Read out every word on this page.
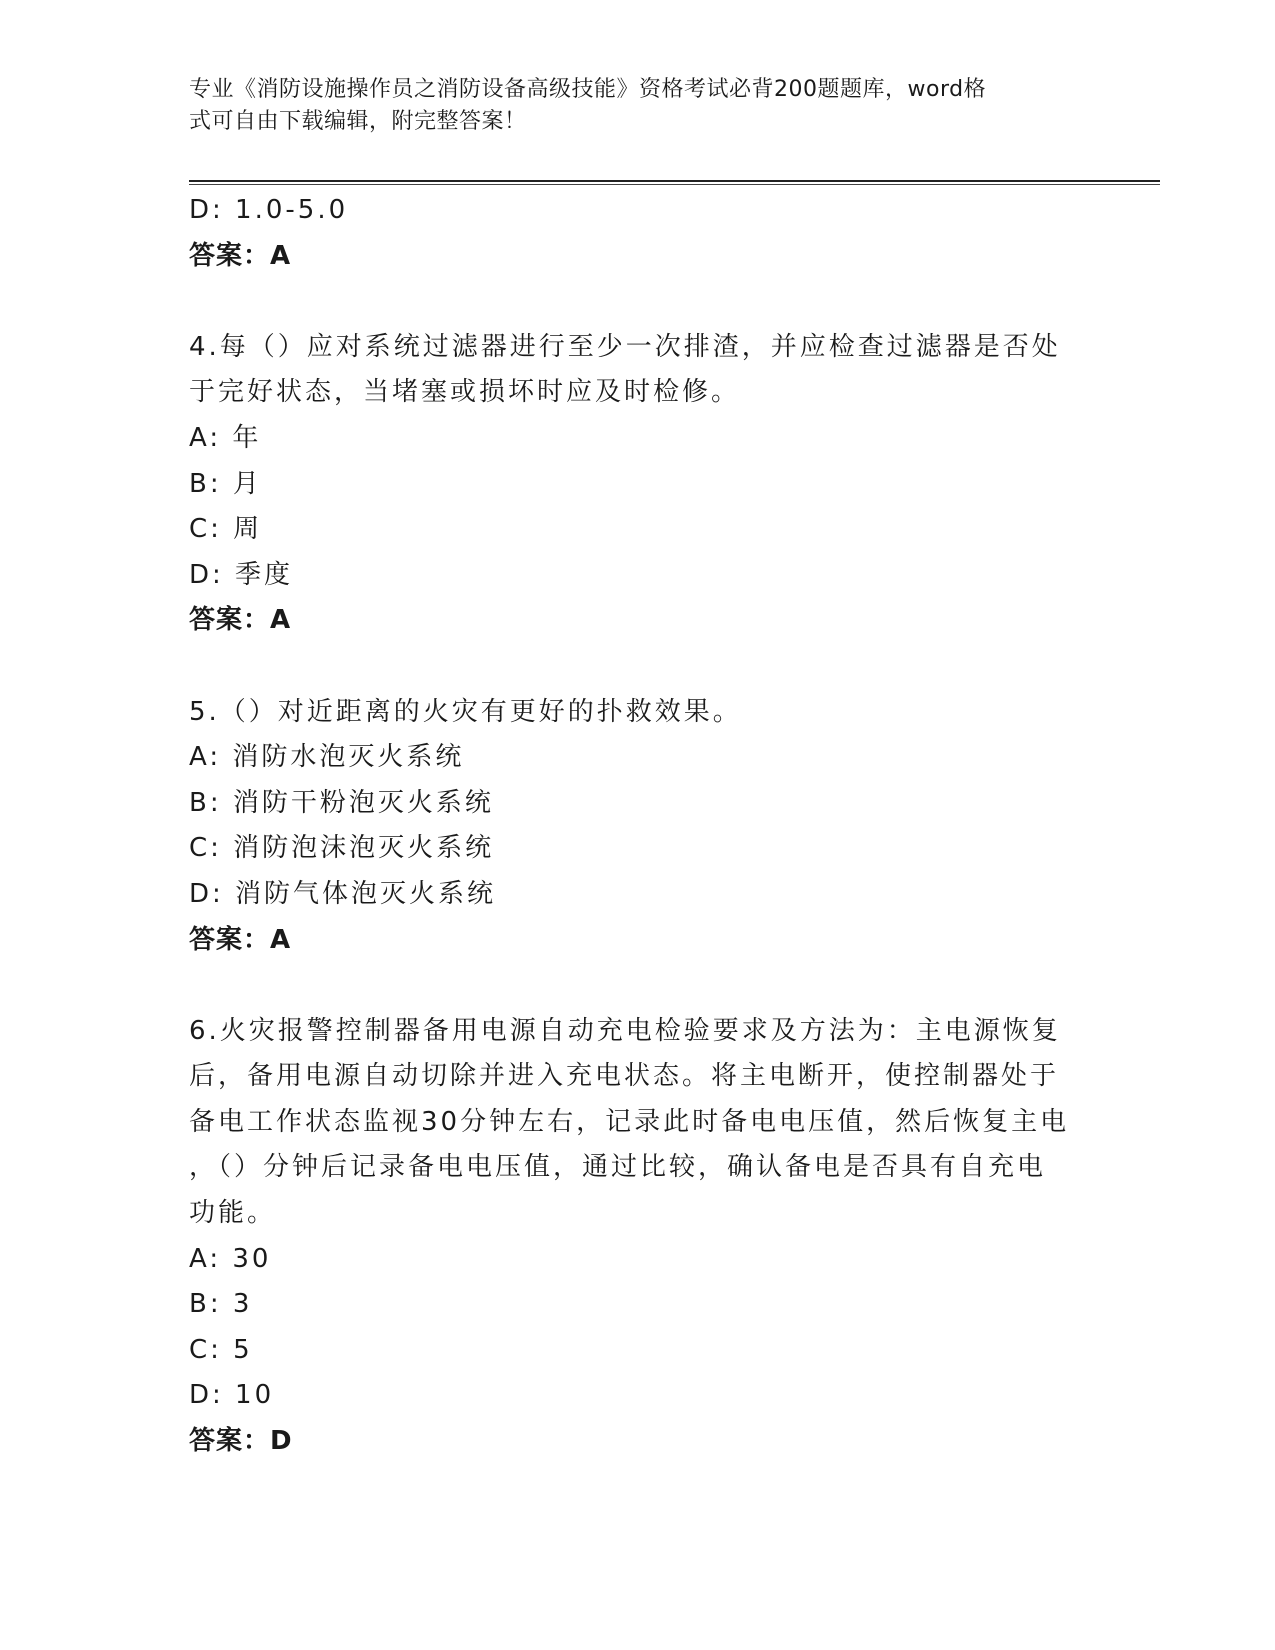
专业《消防设施操作员之消防设备高级技能》资格考试必背200题题库，word格
式可自由下载编辑，附完整答案！
D: 1.0-5.0
答案：A
4.每（）应对系统过滤器进行至少一次排渣，并应检查过滤器是否处
于完好状态，当堵塞或损坏时应及时检修。
A: 年
B: 月
C: 周
D: 季度
答案：A
5.（）对近距离的火灾有更好的扑救效果。
A: 消防水泡灭火系统
B: 消防干粉泡灭火系统
C: 消防泡沫泡灭火系统
D: 消防气体泡灭火系统
答案：A
6.火灾报警控制器备用电源自动充电检验要求及方法为：主电源恢复
后，备用电源自动切除并进入充电状态。将主电断开，使控制器处于
备电工作状态监视30分钟左右，记录此时备电电压值，然后恢复主电
，（）分钟后记录备电电压值，通过比较，确认备电是否具有自充电
功能。
A: 30
B: 3
C: 5
D: 10
答案：D
